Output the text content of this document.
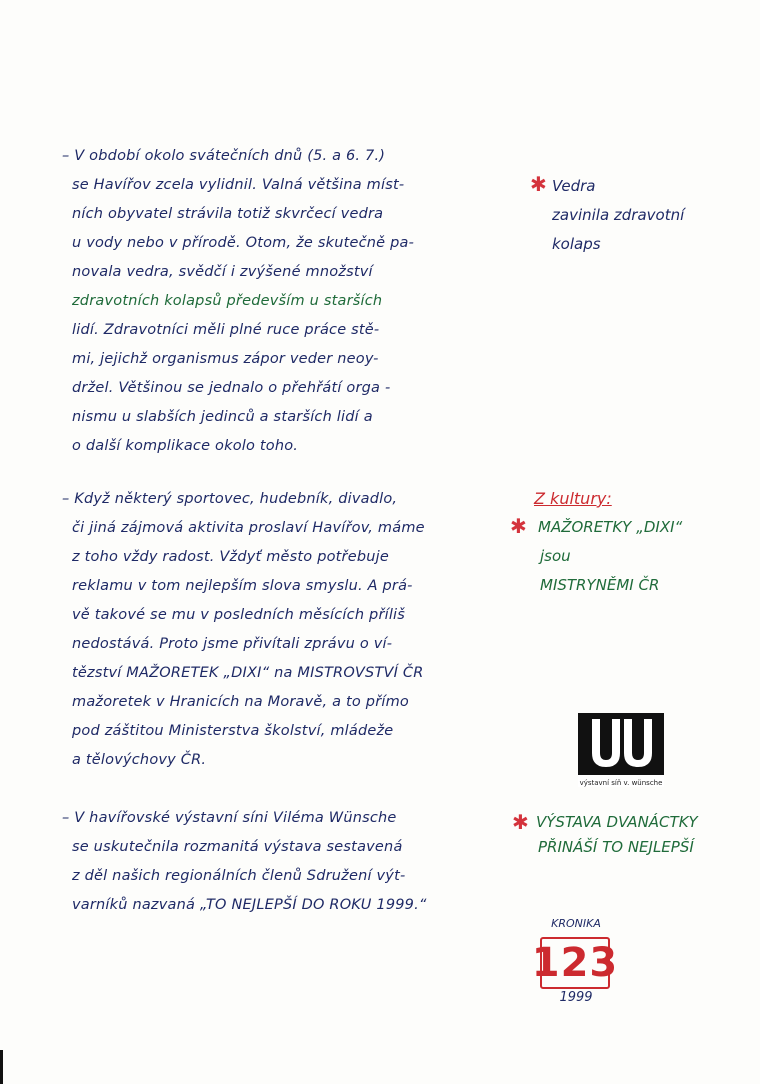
– V období okolo svátečních dnů (5. a 6. 7.)
se Havířov zcela vylidnil. Valná většina míst-
ních obyvatel strávila totiž skvrčecí vedra
u vody nebo v přírodě. Otom, že skutečně pa-
novala vedra, svědčí i zvýšené množství
zdravotních kolapsů především u starších
lidí. Zdravotníci měli plné ruce práce stě-
mi, jejichž organismus zápor veder neoy-
držel. Většinou se jednalo o přehřátí orga -
nismu u slabších jedinců a starších lidí a
o další komplikace okolo toho.
✱ Vedra
zavinila zdravotní
kolaps
– Když některý sportovec, hudebník, divadlo,
či jiná zájmová aktivita proslaví Havířov, máme
z toho vždy radost. Vždyť město potřebuje
reklamu v tom nejlepším slova smyslu. A prá-
vě takové se mu v posledních měsících příliš
nedostává. Proto jsme přivítali zprávu o ví-
tězství MAŽORETEK „DIXI“ na MISTROVSTVÍ ČR
mažoretek v Hranicích na Moravě, a to přímo
pod záštitou Ministerstva školství, mládeže
a tělovýchovy ČR.
Z kultury:
✱ MAŽORETKY „DIXI“
jsou
MISTRYNĚMI ČR
výstavní síň v. wünsche
– V havířovské výstavní síni Viléma Wünsche
se uskutečnila rozmanitá výstava sestavená
z děl našich regionálních členů Sdružení výt-
varníků nazvaná „TO NEJLEPŠÍ DO ROKU 1999.“
✱ VÝSTAVA DVANÁCTKY
PŘINÁŠÍ TO NEJLEPŠÍ
KRONIKA
123
1999
